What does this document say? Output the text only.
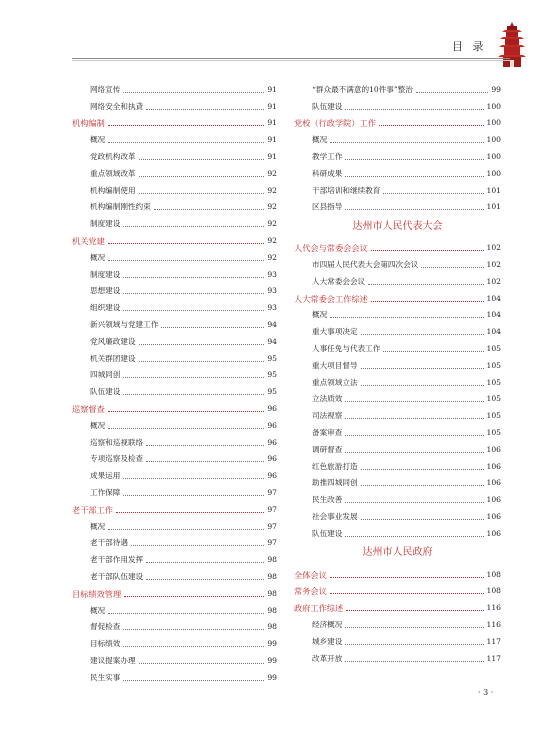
目 录
网络宣传	91
网络安全和执貣	91
机构编制	91
概况	91
党政机构改革	91
重点领域改革	92
机构编制使用	92
机构编制刚性约束	92
制度建设	92
机关党建	92
概况	92
制度建设	93
思想建设	93
组织建设	93
新兴领域与党建工作	94
党风廉政建设	94
机关群团建设	95
四城同创	95
队伍建设	95
巡察督查	96
概况	96
巡察和巡视联络	96
专项巡察及检查	96
成果运用	96
工作保障	97
老干部工作	97
概况	97
老干部待遇	97
老干部作用发挥	98
老干部队伍建设	98
目标绩效管理	98
概况	98
督促检查	98
目标绩效	99
建议提案办理	99
民生实事	99
“群众最不满意的10件事”整治	99
队伍建设	100
党校（行政学院）工作	100
概况	100
教学工作	100
科研成果	100
干部培训和继续教育	101
区县指导	101
达州市人民代表大会
人代会与常委会会议	102
市四届人民代表大会第四次会议	102
人大常委会会议	102
人大常委会工作综述	104
概况	104
重大事项决定	104
人事任免与代表工作	105
重大项目督导	105
重点领域立法	105
立法质效	105
司法视察	105
备案审查	105
调研督查	106
红色旅游打造	106
助推四城同创	106
民生改善	106
社会事业发展	106
队伍建设	106
达州市人民政府
全体会议	108
常务会议	108
政府工作综述	116
经济概况	116
城乡建设	117
改革开放	117
· 3 ·
